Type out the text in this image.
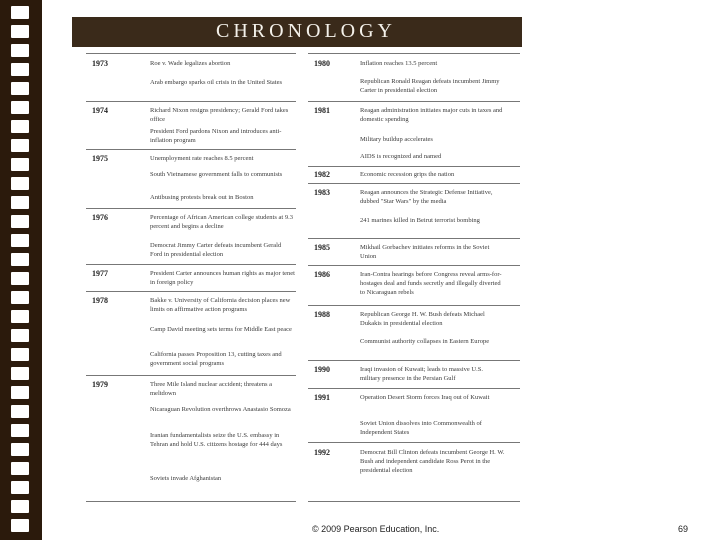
CHRONOLOGY
1973	Roe v. Wade legalizes abortion
Arab embargo sparks oil crisis in the United States
1974	Richard Nixon resigns presidency; Gerald Ford takes office
President Ford pardons Nixon and introduces anti-inflation program
1975	Unemployment rate reaches 8.5 percent
South Vietnamese government falls to communists
Antibusing protests break out in Boston
1976	Percentage of African American college students at 9.3 percent and begins a decline
Democrat Jimmy Carter defeats incumbent Gerald Ford in presidential election
1977	President Carter announces human rights as major tenet in foreign policy
1978	Bakke v. University of California decision places new limits on affirmative action programs
Camp David meeting sets terms for Middle East peace
California passes Proposition 13, cutting taxes and government social programs
1979	Three Mile Island nuclear accident; threatens a meltdown
Nicaraguan Revolution overthrows Anastasio Somoza
Iranian fundamentalists seize the U.S. embassy in Tehran and hold U.S. citizens hostage for 444 days
Soviets invade Afghanistan
1980	Inflation reaches 13.5 percent
Republican Ronald Reagan defeats incumbent Jimmy Carter in presidential election
1981	Reagan administration initiates major cuts in taxes and domestic spending
Military buildup accelerates
AIDS is recognized and named
1982	Economic recession grips the nation
1983	Reagan announces the Strategic Defense Initiative, dubbed "Star Wars" by the media
241 marines killed in Beirut terrorist bombing
1985	Mikhail Gorbachev initiates reforms in the Soviet Union
1986	Iran-Contra hearings before Congress reveal arms-for-hostages deal and funds secretly and illegally diverted to Nicaraguan rebels
1988	Republican George H. W. Bush defeats Michael Dukakis in presidential election
Communist authority collapses in Eastern Europe
1990	Iraqi invasion of Kuwait; leads to massive U.S. military presence in the Persian Gulf
1991	Operation Desert Storm forces Iraq out of Kuwait
Soviet Union dissolves into Commonwealth of Independent States
1992	Democrat Bill Clinton defeats incumbent George H. W. Bush and independent candidate Ross Perot in the presidential election
© 2009 Pearson Education, Inc.	69
